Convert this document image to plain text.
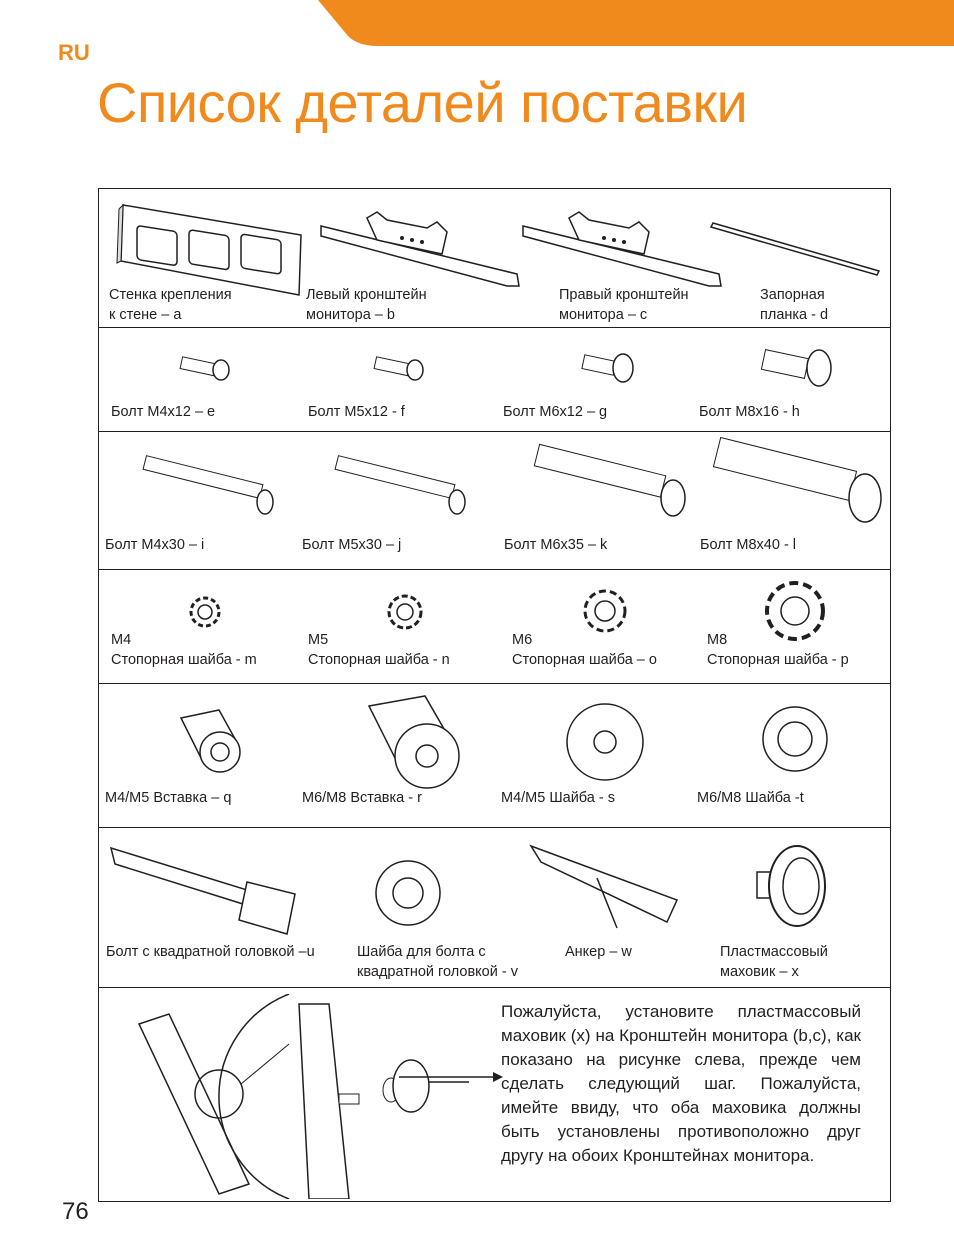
RU
Список деталей поставки
Стенка крепления
к стене – a
Левый кронштейн
монитора – b
Правый кронштейн
монитора – c
Запорная
планка - d
Болт M4x12 – e	Болт M5x12 - f	Болт M6x12 – g	Болт M8x16 - h
Болт M4x30 – i	Болт M5x30 – j	Болт M6x35 – k	Болт M8x40 - l
M4
Стопорная шайба - m
M5
Стопорная шайба - n
M6
Стопорная шайба – o
M8
Стопорная шайба - p
M4/M5 Вставка – q	M6/M8 Вставка - r	M4/M5 Шайба - s	M6/M8 Шайба -t
Болт с квадратной головкой –u	Шайба для болта с
квадратной головкой - v
Анкер – w	Пластмассовый
маховик – x
Пожалуйста, установите пластмассовый маховик (x) на Кронштейн монитора (b,c), как показано на рисунке слева, прежде чем сделать следующий шаг. Пожалуйста, имейте ввиду, что оба маховика должны быть установлены противоположно друг другу на обоих Кронштейнах монитора.
76
